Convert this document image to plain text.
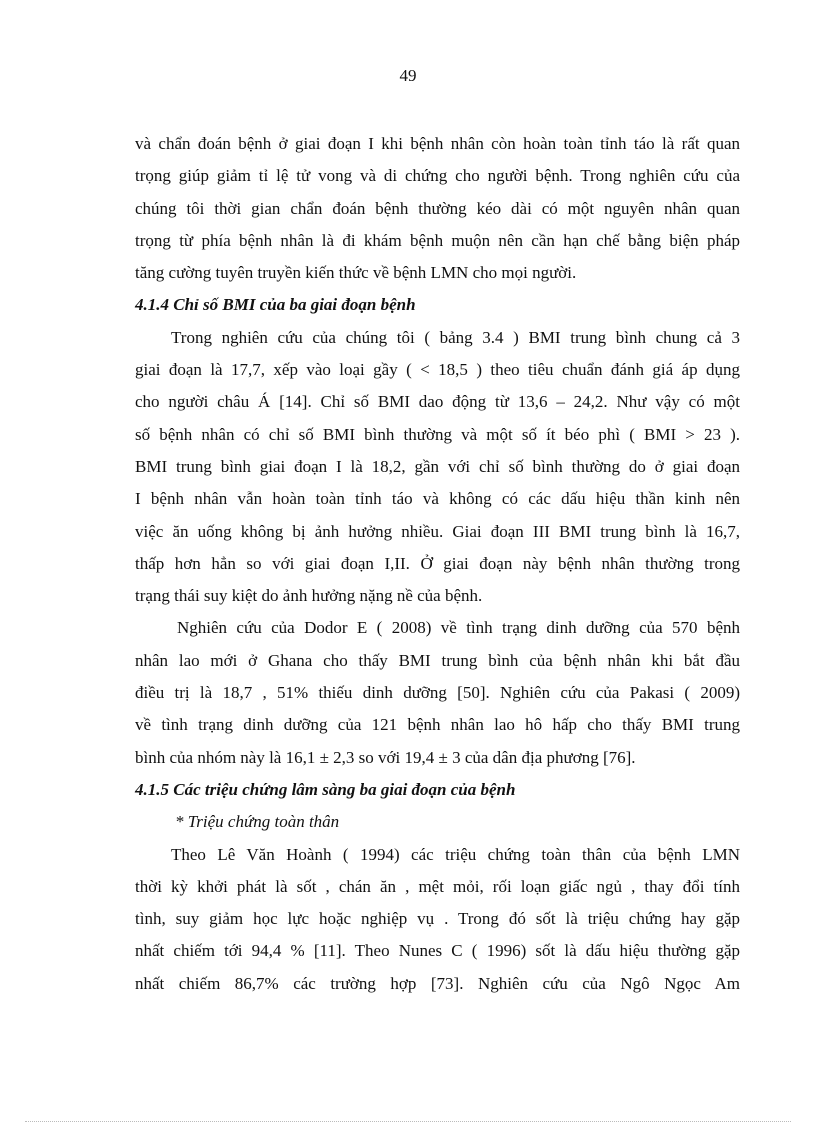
49

và chẩn đoán bệnh ở giai đoạn I khi bệnh nhân còn hoàn toàn tỉnh táo là rất quan
trọng giúp giảm tỉ lệ tử vong và di chứng cho người bệnh. Trong nghiên cứu của
chúng tôi thời gian chẩn đoán bệnh thường kéo dài có một nguyên nhân quan
trọng từ phía bệnh nhân là đi khám bệnh muộn nên cần hạn chế bằng biện pháp
tăng cường tuyên truyền kiến thức về bệnh LMN cho mọi người.

4.1.4 Chỉ số BMI của ba giai đoạn bệnh

Trong nghiên cứu của chúng tôi ( bảng 3.4 ) BMI trung bình chung cả 3
giai đoạn là 17,7, xếp vào loại gầy ( < 18,5 ) theo tiêu chuẩn đánh giá áp dụng
cho người châu Á [14]. Chỉ số BMI dao động từ 13,6 – 24,2. Như vậy có một
số bệnh nhân có chỉ số BMI bình thường và một số ít béo phì ( BMI > 23 ).
BMI trung bình giai đoạn I là 18,2, gần với chỉ số bình thường do ở giai đoạn
I bệnh nhân vẫn hoàn toàn tỉnh táo và không có các dấu hiệu thần kinh nên
việc ăn uống không bị ảnh hưởng nhiều. Giai đoạn III BMI trung bình là 16,7,
thấp hơn hẳn so với giai đoạn I,II. Ở giai đoạn này bệnh nhân thường trong
trạng thái suy kiệt do ảnh hưởng nặng nề của bệnh.

Nghiên cứu của Dodor E ( 2008) về tình trạng dinh dưỡng của 570 bệnh
nhân lao mới ở Ghana cho thấy BMI trung bình của bệnh nhân khi bắt đầu
điều trị là 18,7 , 51% thiếu dinh dưỡng [50]. Nghiên cứu của Pakasi ( 2009)
về tình trạng dinh dưỡng của 121 bệnh nhân lao hô hấp cho thấy BMI trung
bình của nhóm này là 16,1 ± 2,3 so với 19,4 ± 3 của dân địa phương [76].

4.1.5 Các triệu chứng lâm sàng ba giai đoạn của bệnh

* Triệu chứng toàn thân

Theo Lê Văn Hoành ( 1994) các triệu chứng toàn thân của bệnh LMN
thời kỳ khởi phát là sốt , chán ăn , mệt mỏi, rối loạn giấc ngủ , thay đổi tính
tình, suy giảm học lực hoặc nghiệp vụ . Trong đó sốt là triệu chứng hay gặp
nhất chiếm tới 94,4 % [11]. Theo Nunes C ( 1996) sốt là dấu hiệu thường gặp
nhất chiếm 86,7% các trường hợp [73]. Nghiên cứu của Ngô Ngọc Am
